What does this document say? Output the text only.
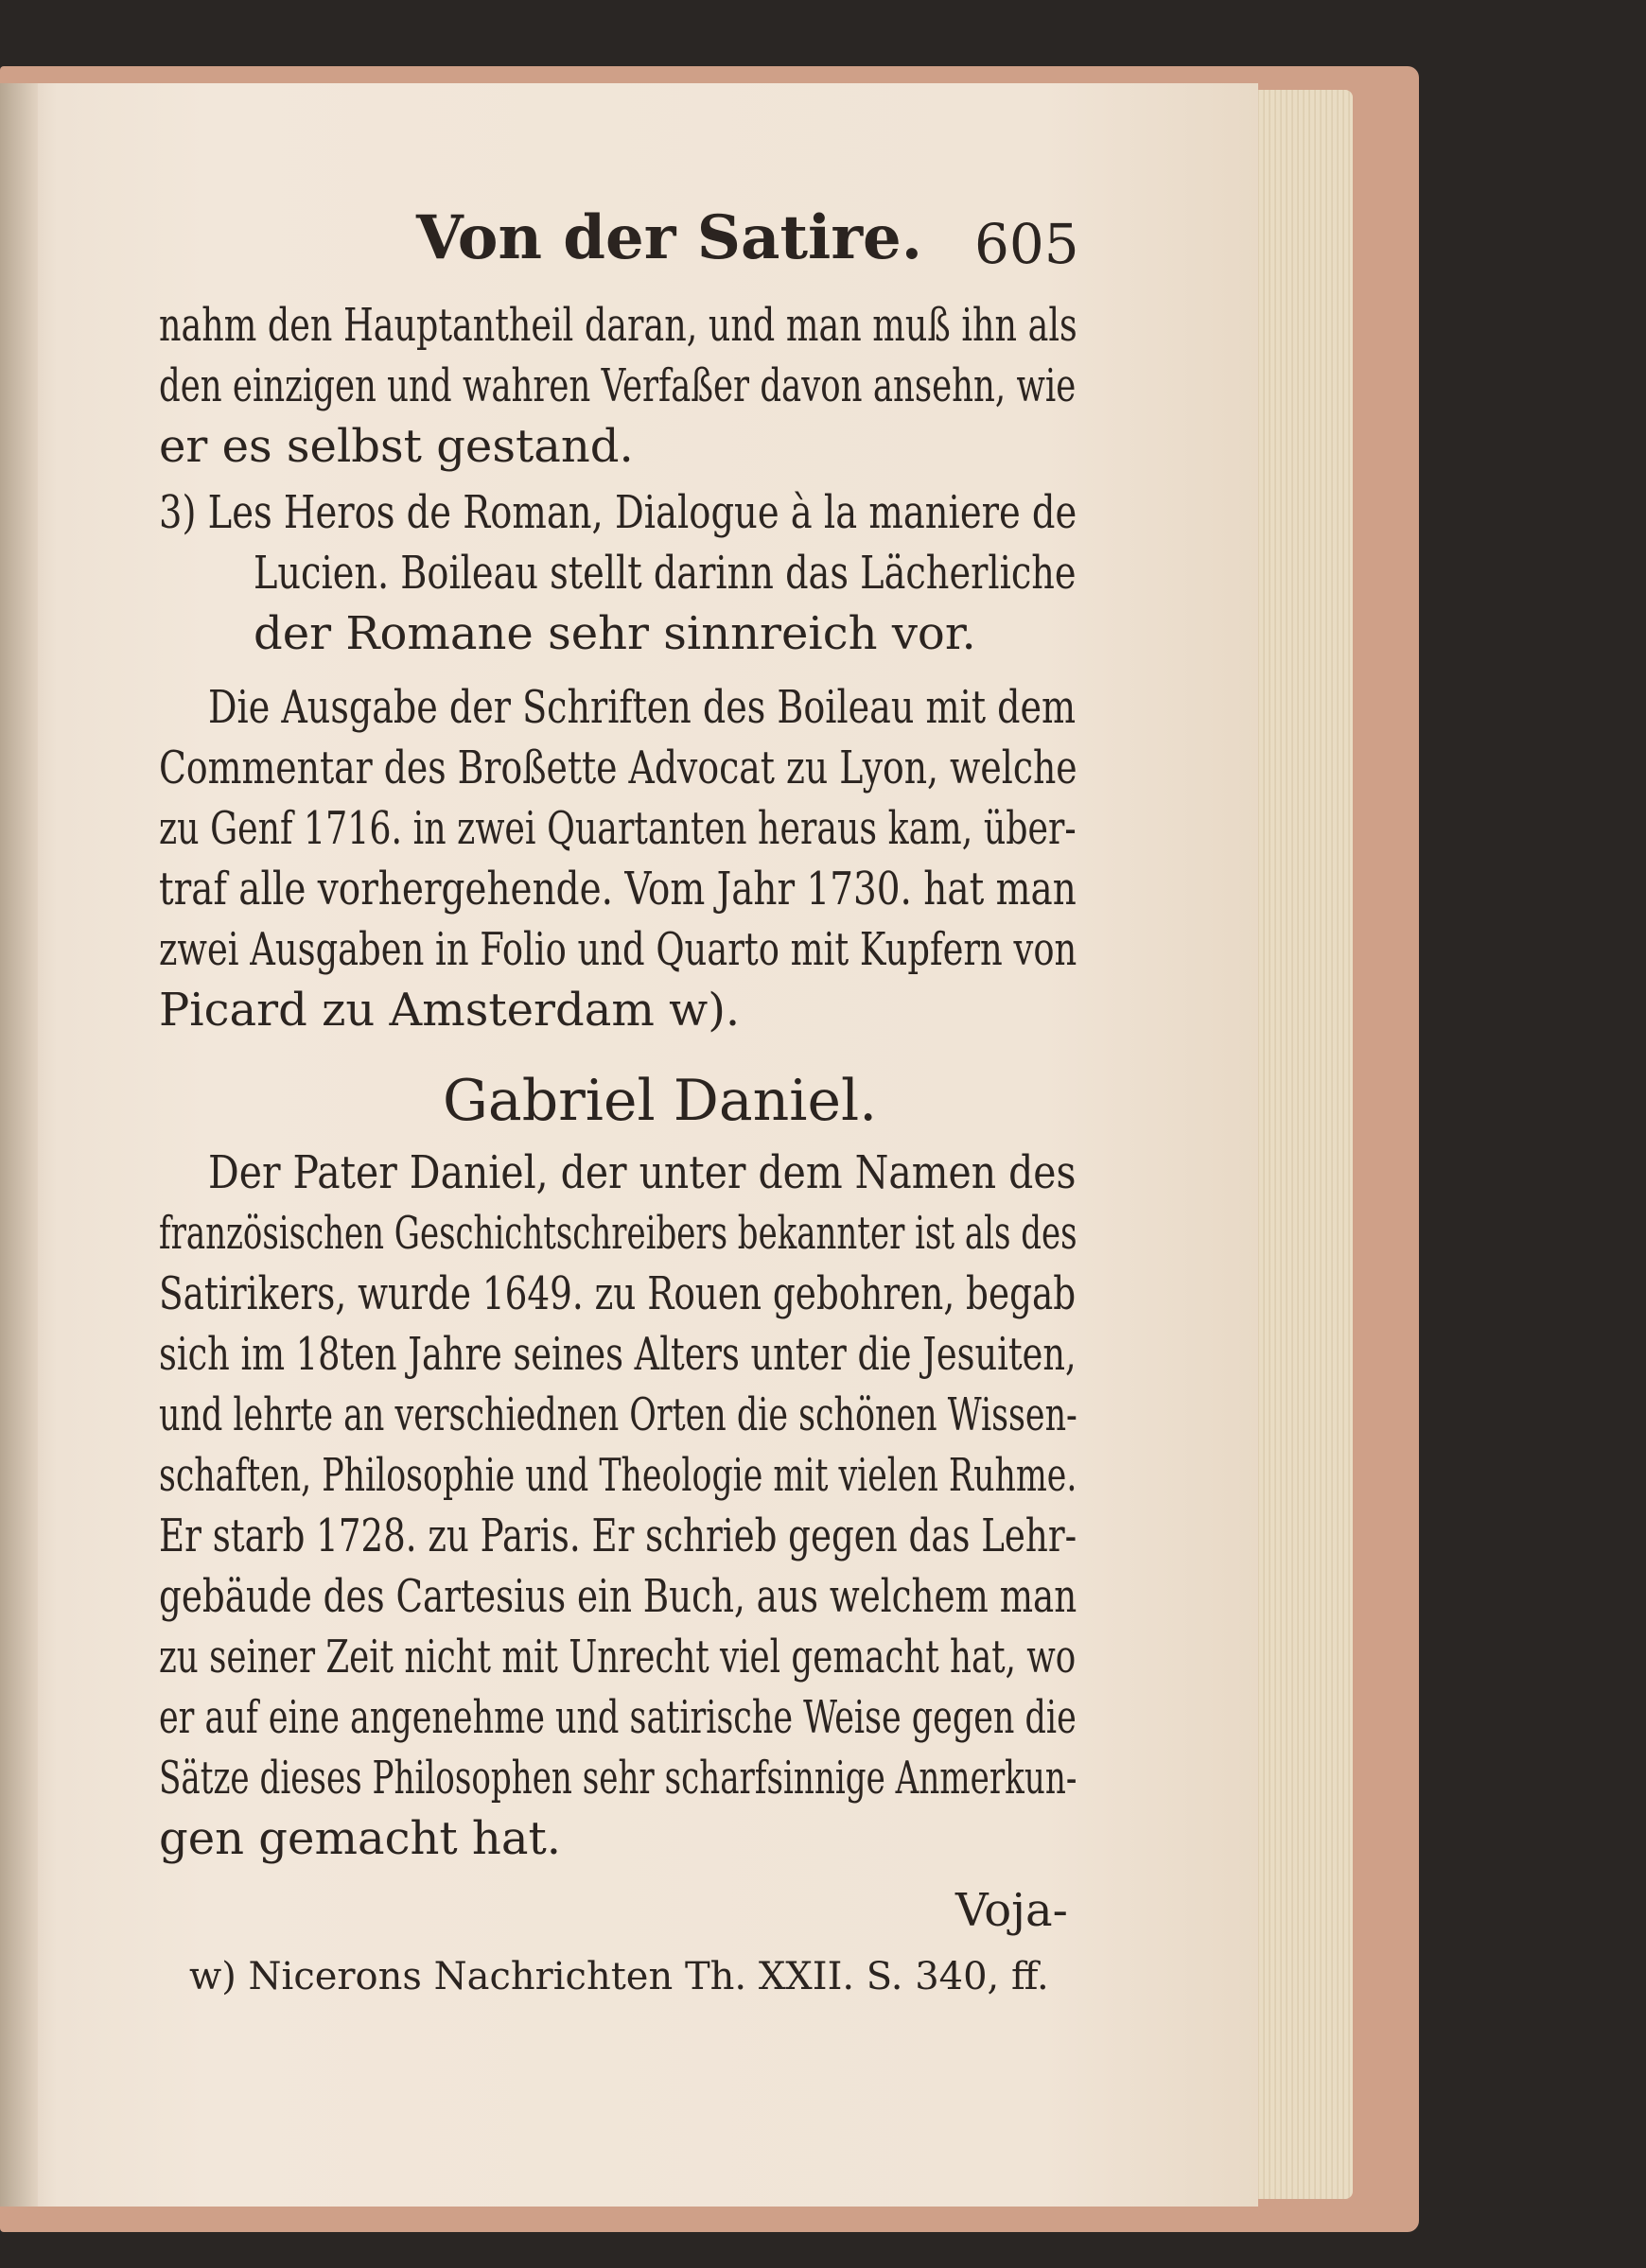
Von der Satire. 605
nahm den Hauptantheil daran, und man muß ihn als
den einzigen und wahren Verfaßer davon ansehn, wie
er es selbst gestand.
3) Les Heros de Roman, Dialogue à la maniere de
Lucien. Boileau stellt darinn das Lächerliche
der Romane sehr sinnreich vor.
Die Ausgabe der Schriften des Boileau mit dem
Commentar des Broßette Advocat zu Lyon, welche
zu Genf 1716. in zwei Quartanten heraus kam, über-
traf alle vorhergehende. Vom Jahr 1730. hat man
zwei Ausgaben in Folio und Quarto mit Kupfern von
Picard zu Amsterdam w).
Gabriel Daniel.
Der Pater Daniel, der unter dem Namen des
französischen Geschichtschreibers bekannter ist als des
Satirikers, wurde 1649. zu Rouen gebohren, begab
sich im 18ten Jahre seines Alters unter die Jesuiten,
und lehrte an verschiednen Orten die schönen Wissen-
schaften, Philosophie und Theologie mit vielen Ruhme.
Er starb 1728. zu Paris. Er schrieb gegen das Lehr-
gebäude des Cartesius ein Buch, aus welchem man
zu seiner Zeit nicht mit Unrecht viel gemacht hat, wo
er auf eine angenehme und satirische Weise gegen die
Sätze dieses Philosophen sehr scharfsinnige Anmerkun-
gen gemacht hat.
Voja-
w) Nicerons Nachrichten Th. XXII. S. 340, ff.
